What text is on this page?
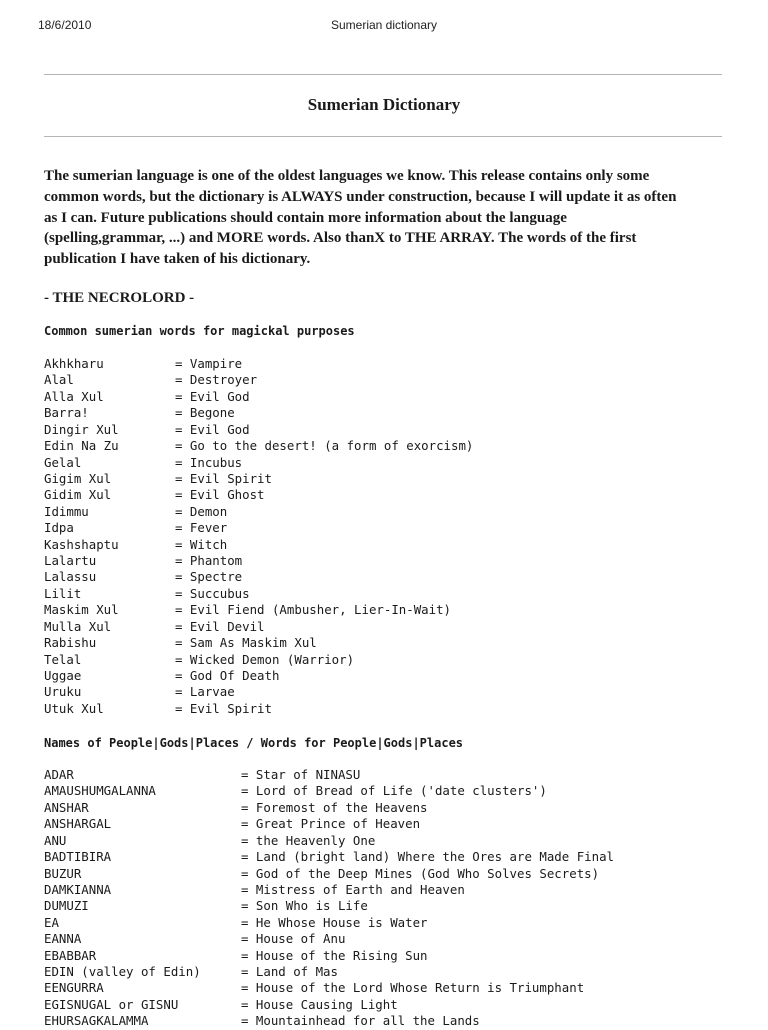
18/6/2010	Sumerian dictionary
Sumerian Dictionary

The sumerian language is one of the oldest languages we know. This release contains only some
common words, but the dictionary is ALWAYS under construction, because I will update it as often
as I can. Future publications should contain more information about the language
(spelling,grammar, ...) and MORE words. Also thanX to THE ARRAY. The words of the first
publication I have taken of his dictionary.

- THE NECROLORD -
Common sumerian words for magickal purposes
Akhkharu	= Vampire
Alal	= Destroyer
Alla Xul	= Evil God
Barra!	= Begone
Dingir Xul	= Evil God
Edin Na Zu	= Go to the desert! (a form of exorcism)
Gelal	= Incubus
Gigim Xul	= Evil Spirit
Gidim Xul	= Evil Ghost
Idimmu	= Demon
Idpa	= Fever
Kashshaptu	= Witch
Lalartu	= Phantom
Lalassu	= Spectre
Lilit	= Succubus
Maskim Xul	= Evil Fiend (Ambusher, Lier-In-Wait)
Mulla Xul	= Evil Devil
Rabishu	= Sam As Maskim Xul
Telal	= Wicked Demon (Warrior)
Uggae	= God Of Death
Uruku	= Larvae
Utuk Xul	= Evil Spirit
Names of People|Gods|Places / Words for People|Gods|Places
ADAR	= Star of NINASU
AMAUSHUMGALANNA	= Lord of Bread of Life ('date clusters')
ANSHAR	= Foremost of the Heavens
ANSHARGAL	= Great Prince of Heaven
ANU	= the Heavenly One
BADTIBIRA	= Land (bright land) Where the Ores are Made Final
BUZUR	= God of the Deep Mines (God Who Solves Secrets)
DAMKIANNA	= Mistress of Earth and Heaven
DUMUZI	= Son Who is Life
EA	= He Whose House is Water
EANNA	= House of Anu
EBABBAR	= House of the Rising Sun
EDIN (valley of Edin)	= Land of Mas
EENGURRA	= House of the Lord Whose Return is Triumphant
EGISNUGAL or GISNU	= House Causing Light
EHURSAGKALAMMA	= Mountainhead for all the Lands
